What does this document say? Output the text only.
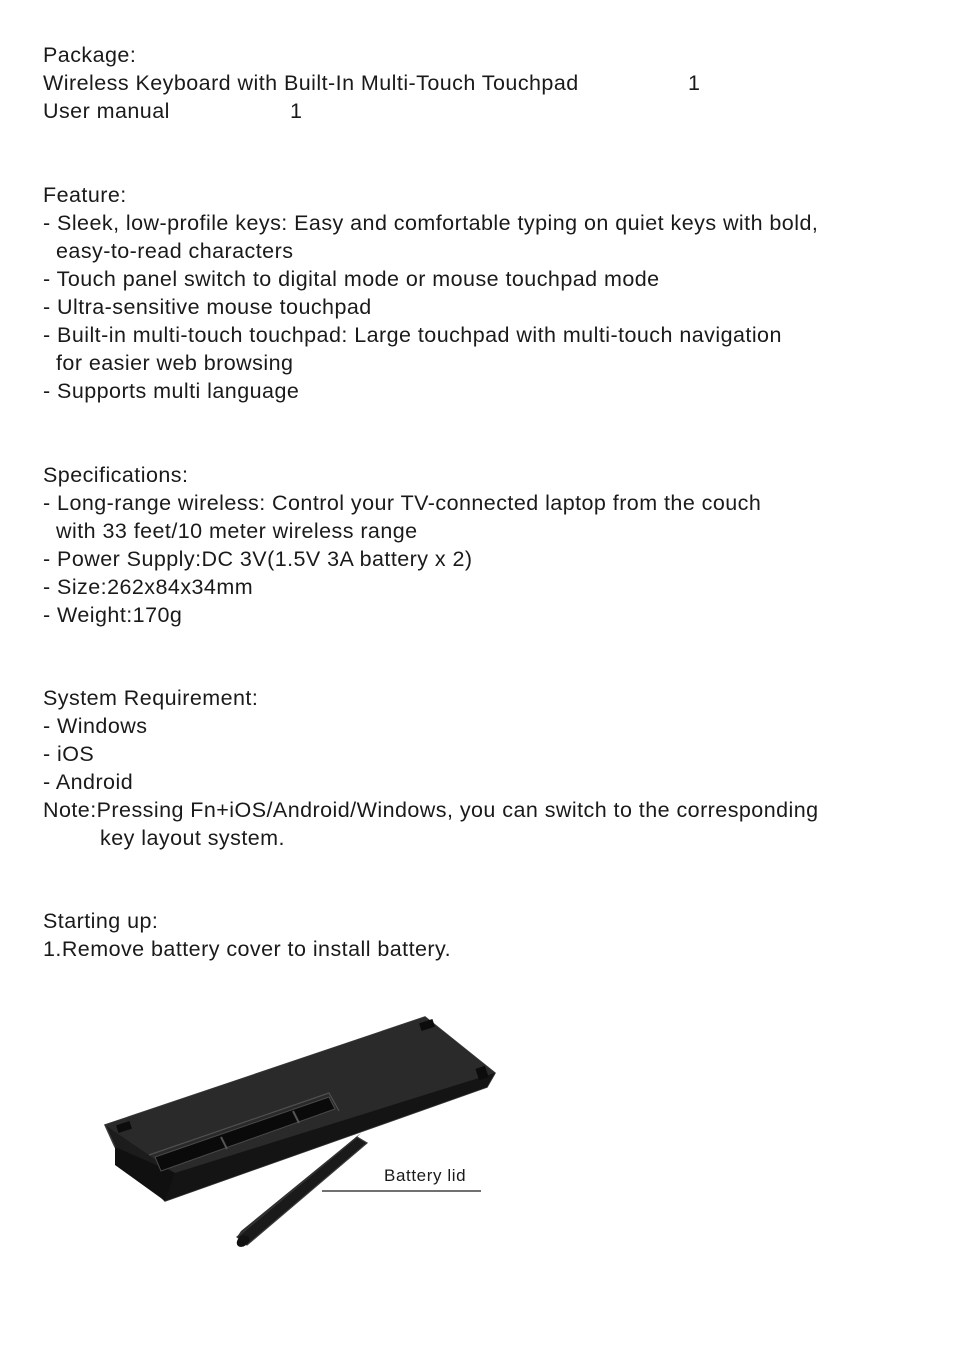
Package:
Wireless Keyboard with Built-In Multi-Touch Touchpad	1
User manual	1
Feature:
- Sleek, low-profile keys: Easy and comfortable typing on quiet keys with bold,
easy-to-read characters
- Touch panel switch to digital mode or mouse touchpad mode
- Ultra-sensitive mouse touchpad
- Built-in multi-touch touchpad: Large touchpad with multi-touch navigation
for easier web browsing
- Supports multi language
Specifications:
- Long-range wireless: Control your TV-connected laptop from the couch
with 33 feet/10 meter wireless range
- Power Supply:DC 3V(1.5V 3A battery x 2)
- Size:262x84x34mm
- Weight:170g
System Requirement:
- Windows
- iOS
- Android
Note:Pressing Fn+iOS/Android/Windows, you can switch to the corresponding
key layout system.
Starting up:
1.Remove battery cover to install battery.
Battery lid
